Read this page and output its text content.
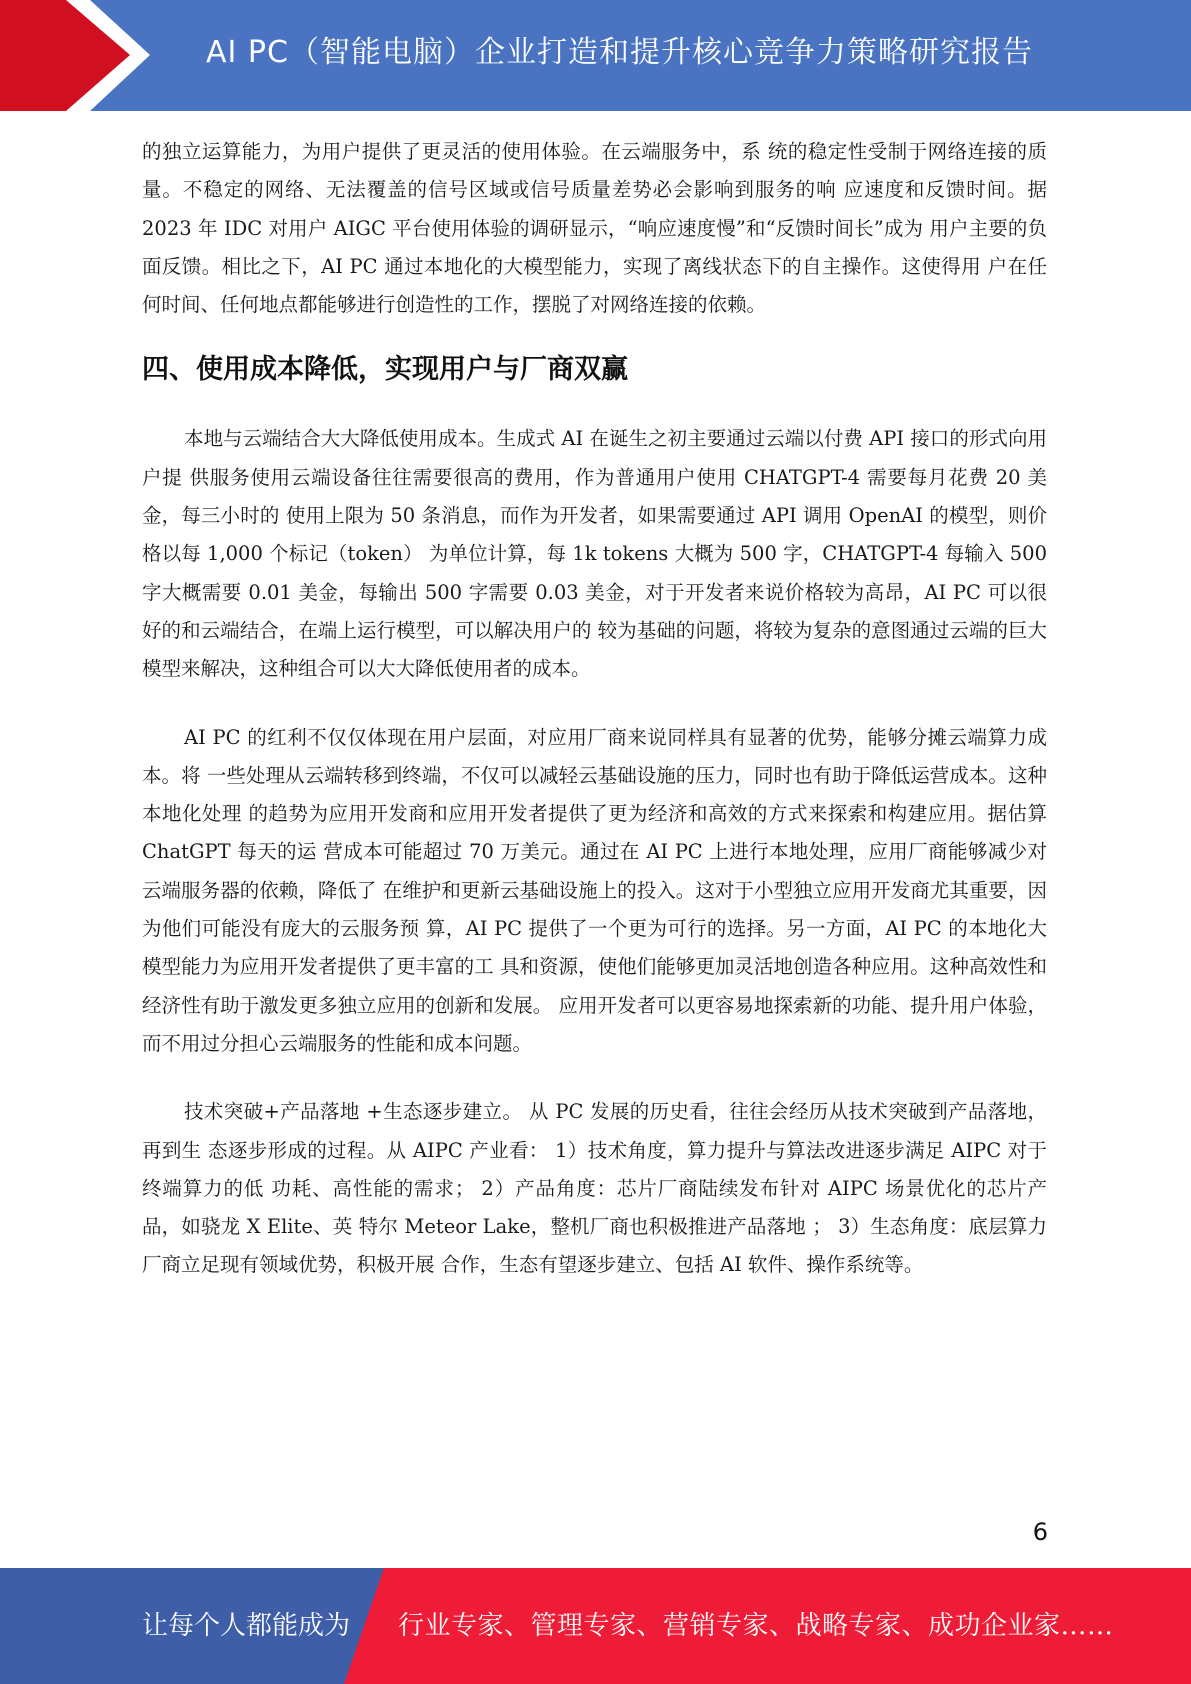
AI PC（智能电脑）企业打造和提升核心竞争力策略研究报告

的独立运算能力，为用户提供了更灵活的使用体验。在云端服务中，系 统的稳定性受制于网络连接的质量。不稳定的网络、无法覆盖的信号区域或信号质量差势必会影响到服务的响 应速度和反馈时间。据 2023 年 IDC 对用户 AIGC 平台使用体验的调研显示，“响应速度慢”和“反馈时间长”成为 用户主要的负面反馈。相比之下，AI PC 通过本地化的大模型能力，实现了离线状态下的自主操作。这使得用 户在任何时间、任何地点都能够进行创造性的工作，摆脱了对网络连接的依赖。

四、使用成本降低，实现用户与厂商双赢

本地与云端结合大大降低使用成本。生成式 AI 在诞生之初主要通过云端以付费 API 接口的形式向用户提 供服务使用云端设备往往需要很高的费用，作为普通用户使用 CHATGPT-4 需要每月花费 20 美金，每三小时的 使用上限为 50 条消息，而作为开发者，如果需要通过 API 调用 OpenAI 的模型，则价格以每 1,000 个标记（token） 为单位计算，每 1k tokens 大概为 500 字，CHATGPT-4 每输入 500 字大概需要 0.01 美金，每输出 500 字需要 0.03 美金，对于开发者来说价格较为高昂，AI PC 可以很好的和云端结合，在端上运行模型，可以解决用户的 较为基础的问题，将较为复杂的意图通过云端的巨大模型来解决，这种组合可以大大降低使用者的成本。

AI PC 的红利不仅仅体现在用户层面，对应用厂商来说同样具有显著的优势，能够分摊云端算力成本。将 一些处理从云端转移到终端，不仅可以减轻云基础设施的压力，同时也有助于降低运营成本。这种本地化处理 的趋势为应用开发商和应用开发者提供了更为经济和高效的方式来探索和构建应用。据估算 ChatGPT 每天的运 营成本可能超过 70 万美元。通过在 AI PC 上进行本地处理，应用厂商能够减少对云端服务器的依赖，降低了 在维护和更新云基础设施上的投入。这对于小型独立应用开发商尤其重要，因为他们可能没有庞大的云服务预 算，AI PC 提供了一个更为可行的选择。另一方面，AI PC 的本地化大模型能力为应用开发者提供了更丰富的工 具和资源，使他们能够更加灵活地创造各种应用。这种高效性和经济性有助于激发更多独立应用的创新和发展。 应用开发者可以更容易地探索新的功能、提升用户体验，而不用过分担心云端服务的性能和成本问题。

技术突破+产品落地 +生态逐步建立。 从 PC 发展的历史看，往往会经历从技术突破到产品落地，再到生 态逐步形成的过程。从 AIPC 产业看： 1）技术角度，算力提升与算法改进逐步满足 AIPC 对于终端算力的低 功耗、高性能的需求； 2）产品角度：芯片厂商陆续发布针对 AIPC 场景优化的芯片产品，如骁龙 X Elite、英 特尔 Meteor Lake，整机厂商也积极推进产品落地 ； 3）生态角度：底层算力厂商立足现有领域优势，积极开展 合作，生态有望逐步建立、包括 AI 软件、操作系统等。

6
让每个人都能成为 行业专家、管理专家、营销专家、战略专家、成功企业家……
